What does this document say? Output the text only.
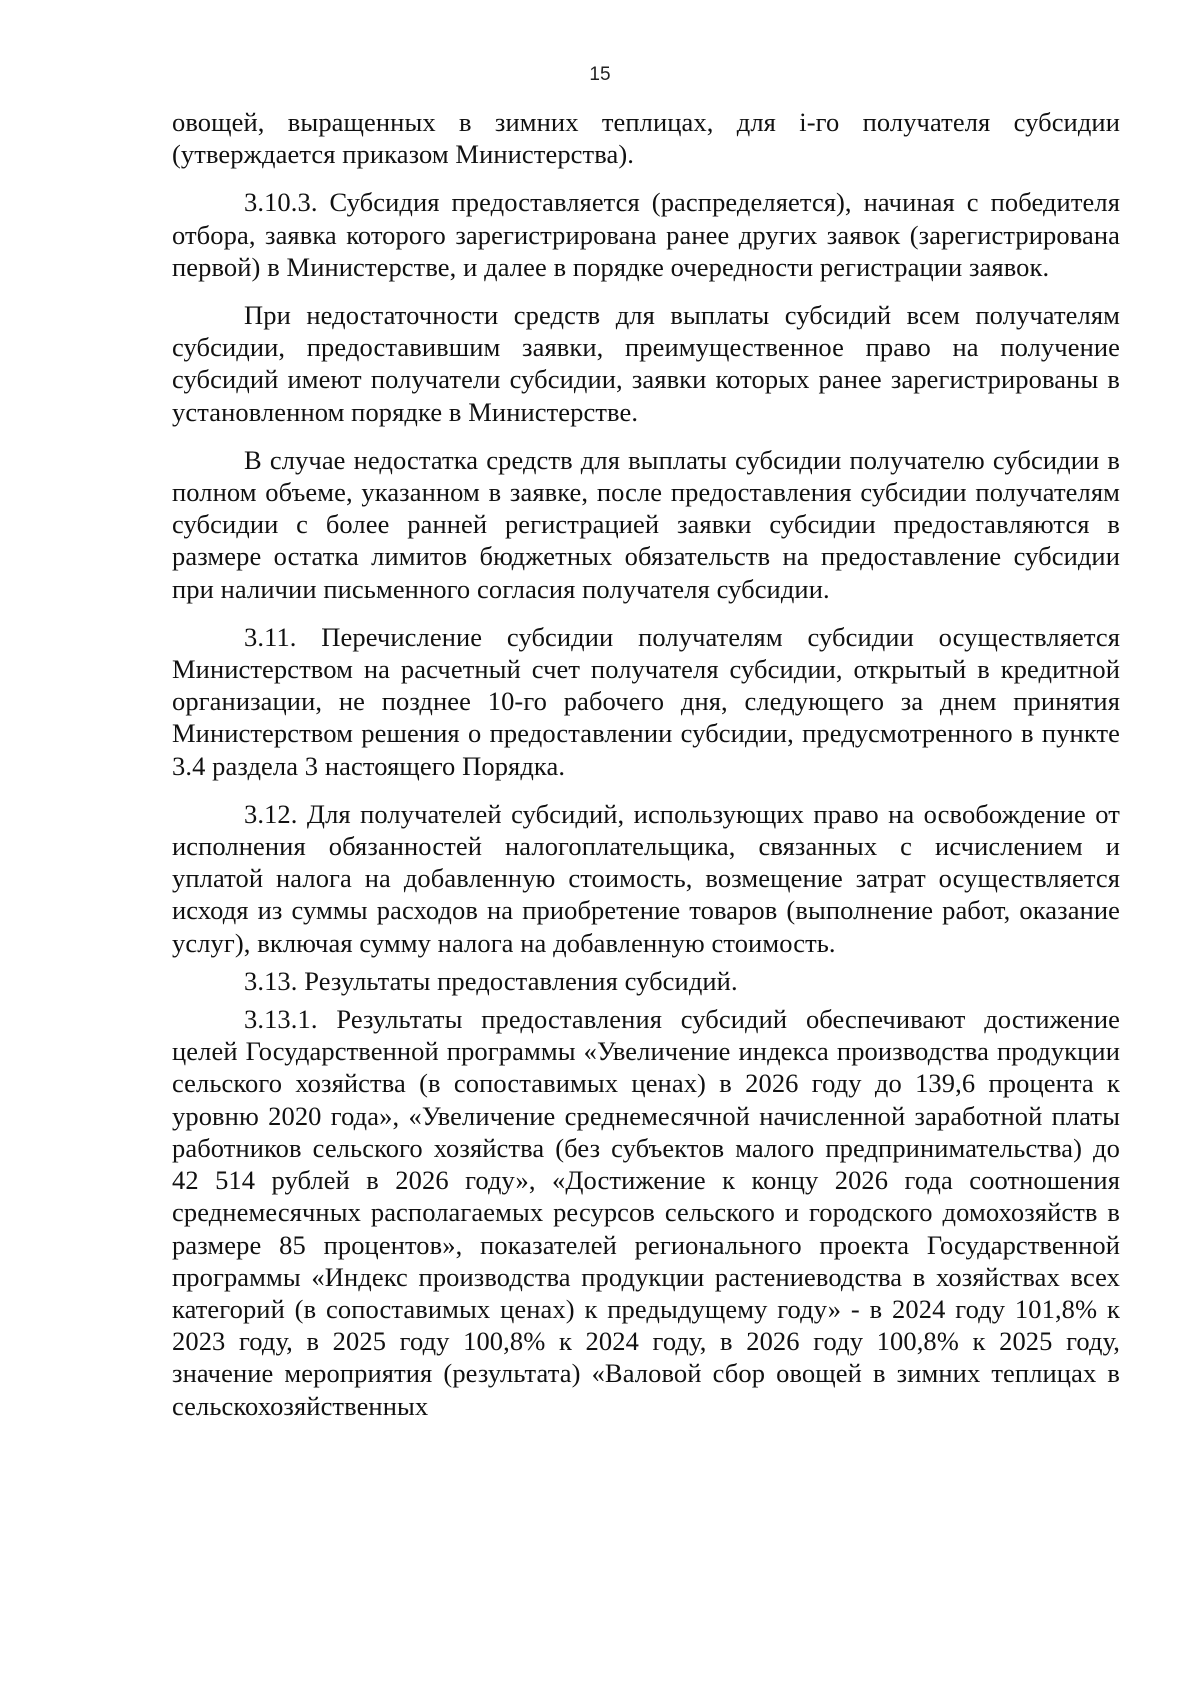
15

овощей, выращенных в зимних теплицах, для i-го получателя субсидии (утверждается приказом Министерства).

3.10.3. Субсидия предоставляется (распределяется), начиная с победителя отбора, заявка которого зарегистрирована ранее других заявок (зарегистрирована первой) в Министерстве, и далее в порядке очередности регистрации заявок.

При недостаточности средств для выплаты субсидий всем получателям субсидии, предоставившим заявки, преимущественное право на получение субсидий имеют получатели субсидии, заявки которых ранее зарегистрированы в установленном порядке в Министерстве.

В случае недостатка средств для выплаты субсидии получателю субсидии в полном объеме, указанном в заявке, после предоставления субсидии получателям субсидии с более ранней регистрацией заявки субсидии предоставляются в размере остатка лимитов бюджетных обязательств на предоставление субсидии при наличии письменного согласия получателя субсидии.

3.11. Перечисление субсидии получателям субсидии осуществляется Министерством на расчетный счет получателя субсидии, открытый в кредитной организации, не позднее 10-го рабочего дня, следующего за днем принятия Министерством решения о предоставлении субсидии, предусмотренного в пункте 3.4 раздела 3 настоящего Порядка.

3.12. Для получателей субсидий, использующих право на освобождение от исполнения обязанностей налогоплательщика, связанных с исчислением и уплатой налога на добавленную стоимость, возмещение затрат осуществляется исходя из суммы расходов на приобретение товаров (выполнение работ, оказание услуг), включая сумму налога на добавленную стоимость.

3.13. Результаты предоставления субсидий.

3.13.1. Результаты предоставления субсидий обеспечивают достижение целей Государственной программы «Увеличение индекса производства продукции сельского хозяйства (в сопоставимых ценах) в 2026 году до 139,6 процента к уровню 2020 года», «Увеличение среднемесячной начисленной заработной платы работников сельского хозяйства (без субъектов малого предпринимательства) до 42 514 рублей в 2026 году», «Достижение к концу 2026 года соотношения среднемесячных располагаемых ресурсов сельского и городского домохозяйств в размере 85 процентов», показателей регионального проекта Государственной программы «Индекс производства продукции растениеводства в хозяйствах всех категорий (в сопоставимых ценах) к предыдущему году» - в 2024 году 101,8% к 2023 году, в 2025 году 100,8% к 2024 году, в 2026 году 100,8% к 2025 году, значение мероприятия (результата) «Валовой сбор овощей в зимних теплицах в сельскохозяйственных
